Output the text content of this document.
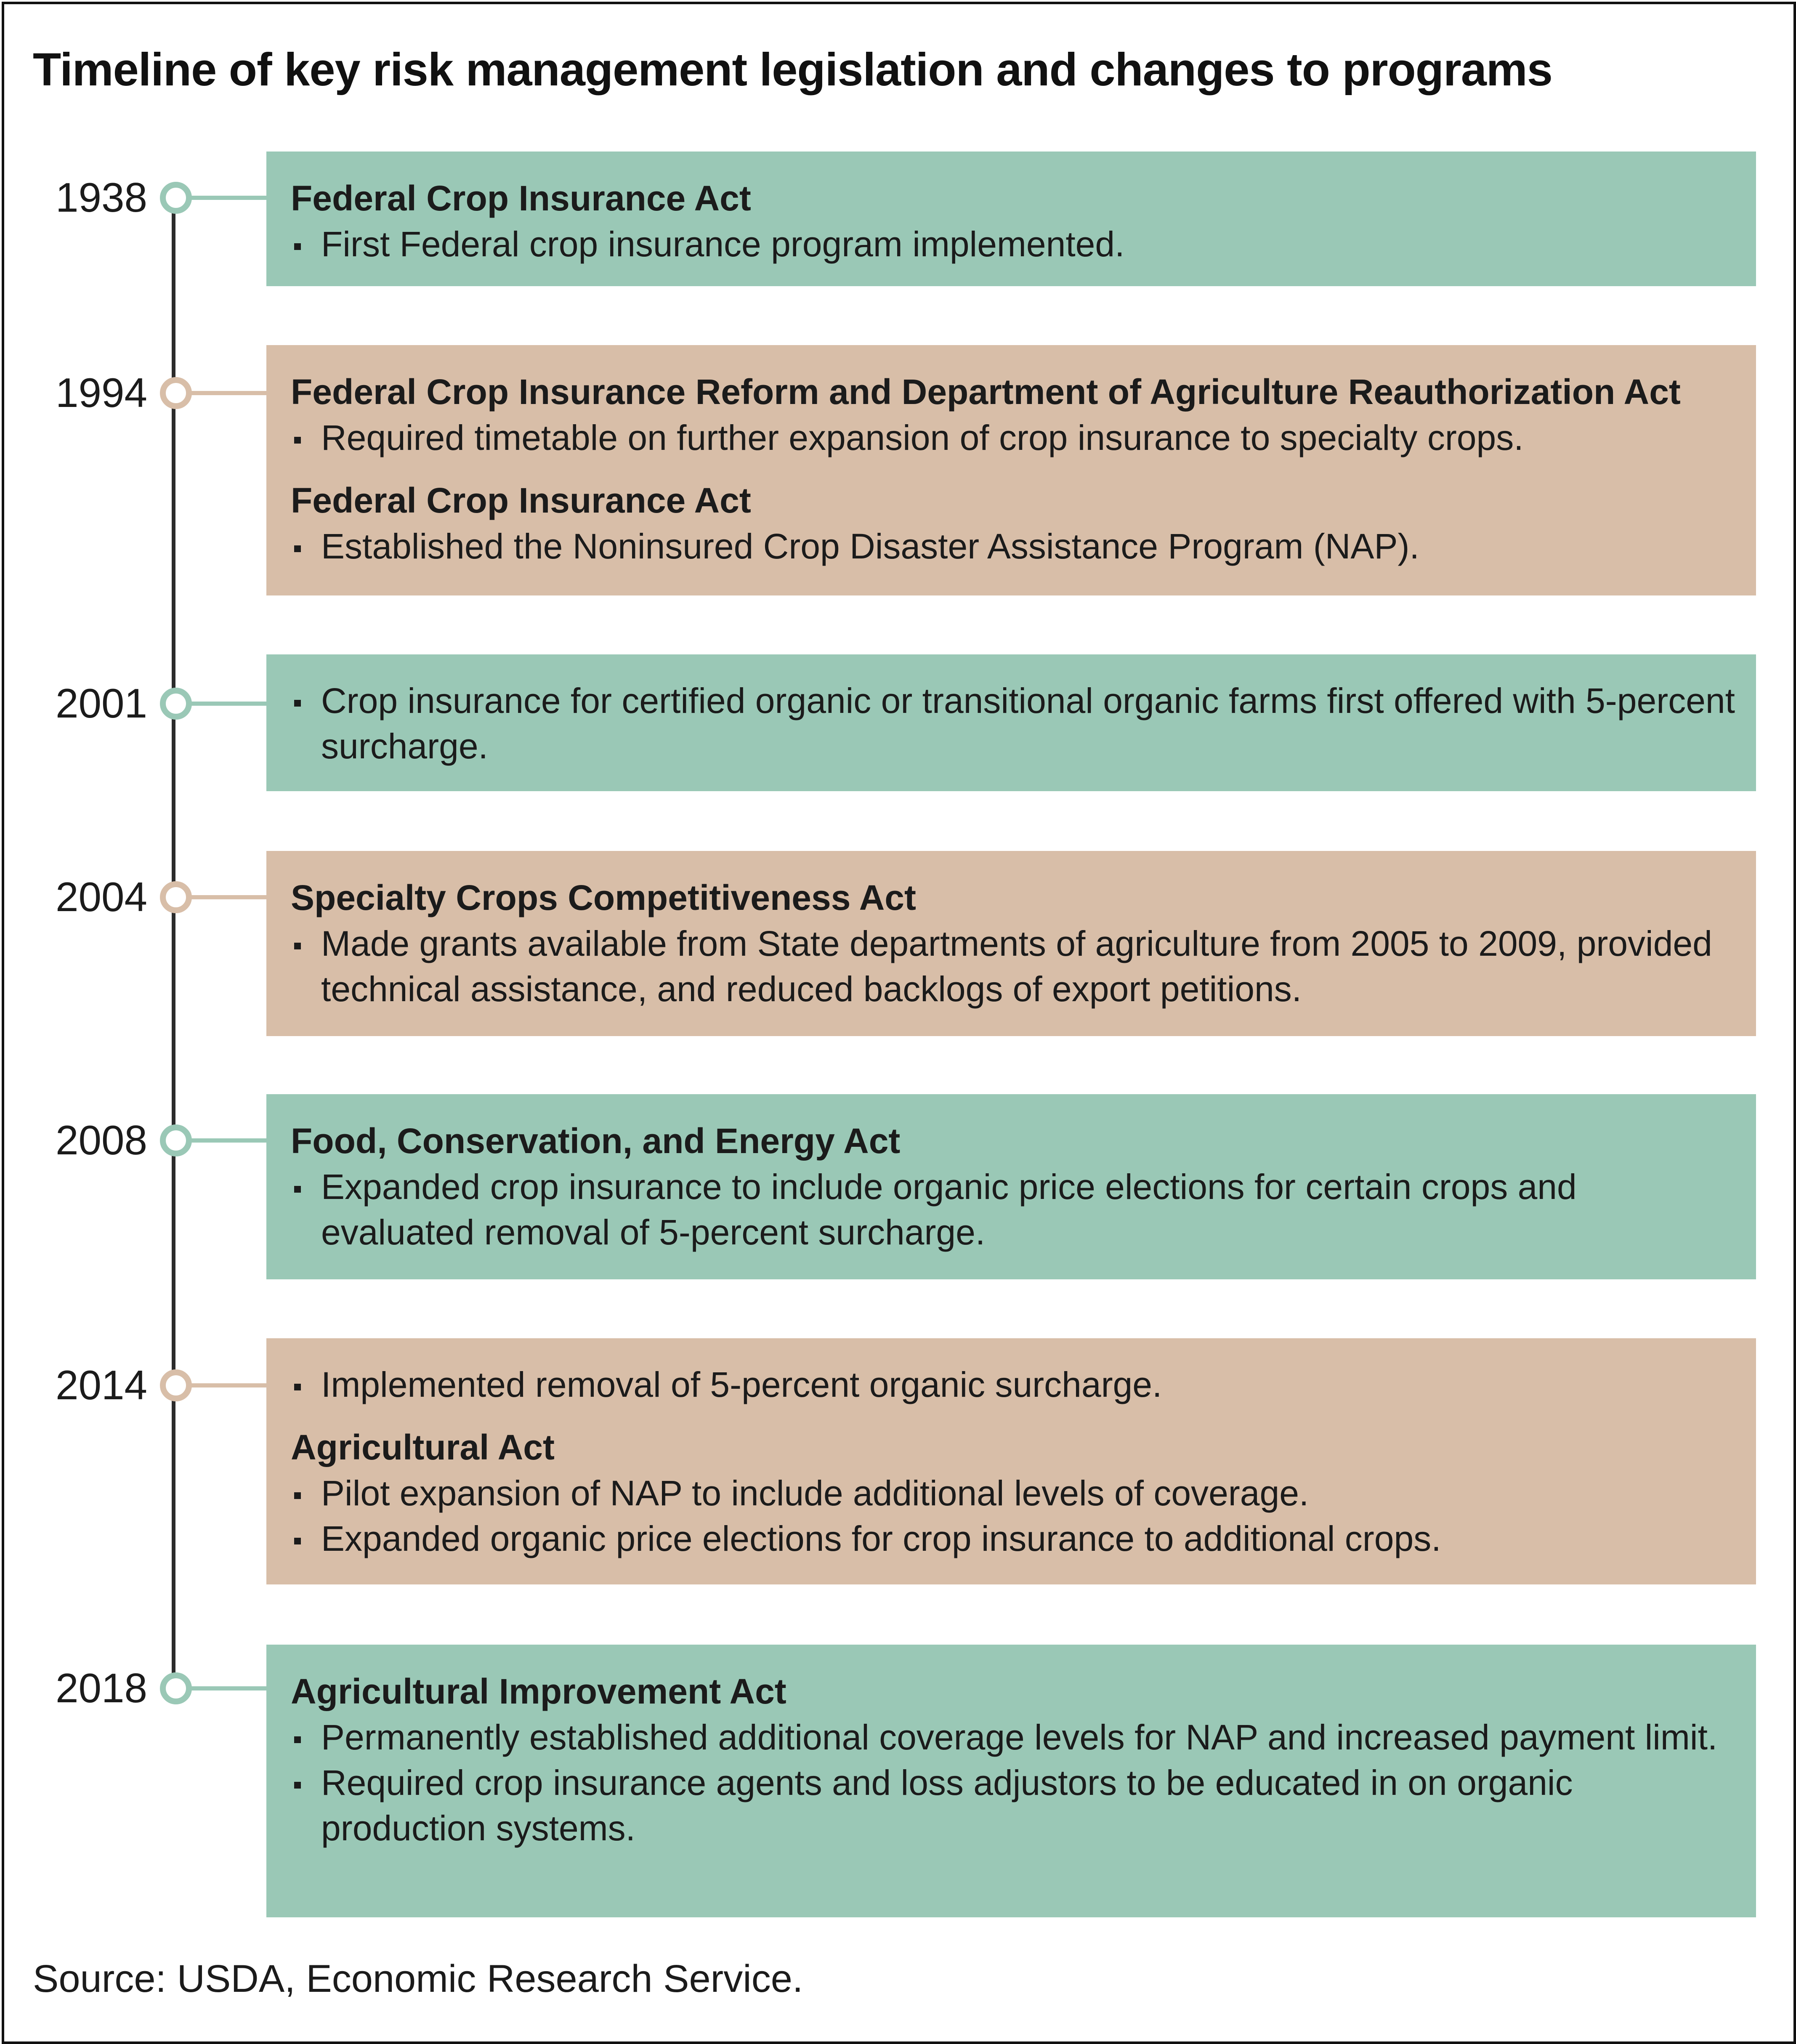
Timeline of key risk management legislation and changes to programs
1938	Federal Crop Insurance Act
First Federal crop insurance program implemented.
1994	Federal Crop Insurance Reform and Department of Agriculture Reauthorization Act
Required timetable on further expansion of crop insurance to specialty crops.
Federal Crop Insurance Act
Established the Noninsured Crop Disaster Assistance Program (NAP).
2001	Crop insurance for certified organic or transitional organic farms first offered with 5-percent surcharge.
2004	Specialty Crops Competitiveness Act
Made grants available from State departments of agriculture from 2005 to 2009, provided technical assistance, and reduced backlogs of export petitions.
2008	Food, Conservation, and Energy Act
Expanded crop insurance to include organic price elections for certain crops and evaluated removal of 5-percent surcharge.
2014	Implemented removal of 5-percent organic surcharge.
Agricultural Act
Pilot expansion of NAP to include additional levels of coverage.
Expanded organic price elections for crop insurance to additional crops.
2018	Agricultural Improvement Act
Permanently established additional coverage levels for NAP and increased payment limit.
Required crop insurance agents and loss adjustors to be educated in on organic production systems.
Source: USDA, Economic Research Service.
